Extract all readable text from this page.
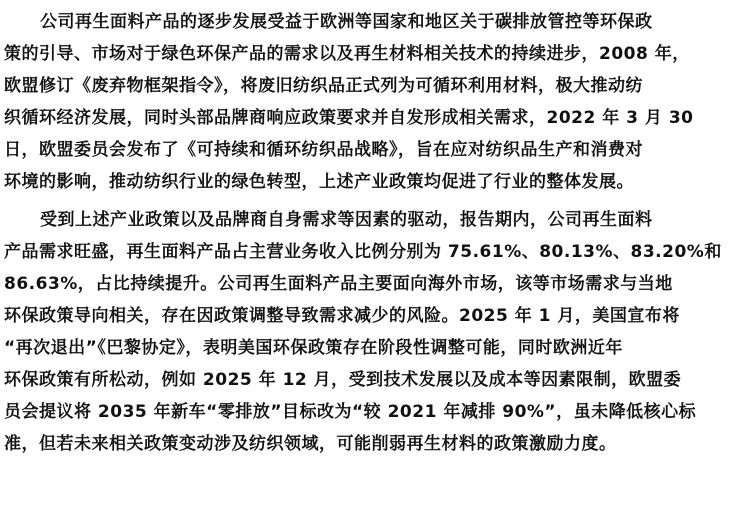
公司再生面料产品的逐步发展受益于欧洲等国家和地区关于碳排放管控等环保政
策的引导、市场对于绿色环保产品的需求以及再生材料相关技术的持续进步，2008 年，
欧盟修订《废弃物框架指令》，将废旧纺织品正式列为可循环利用材料，极大推动纺
织循环经济发展，同时头部品牌商响应政策要求并自发形成相关需求，2022 年 3 月 30
日，欧盟委员会发布了《可持续和循环纺织品战略》，旨在应对纺织品生产和消费对
环境的影响，推动纺织行业的绿色转型，上述产业政策均促进了行业的整体发展。
受到上述产业政策以及品牌商自身需求等因素的驱动，报告期内，公司再生面料
产品需求旺盛，再生面料产品占主营业务收入比例分别为 75.61%、80.13%、83.20%和
86.63%，占比持续提升。公司再生面料产品主要面向海外市场，该等市场需求与当地
环保政策导向相关，存在因政策调整导致需求减少的风险。2025 年 1 月，美国宣布将
“再次退出”《巴黎协定》，表明美国环保政策存在阶段性调整可能，同时欧洲近年
环保政策有所松动，例如 2025 年 12 月，受到技术发展以及成本等因素限制，欧盟委
员会提议将 2035 年新车“零排放”目标改为“较 2021 年减排 90%”，虽未降低核心标
准，但若未来相关政策变动涉及纺织领域，可能削弱再生材料的政策激励力度。
